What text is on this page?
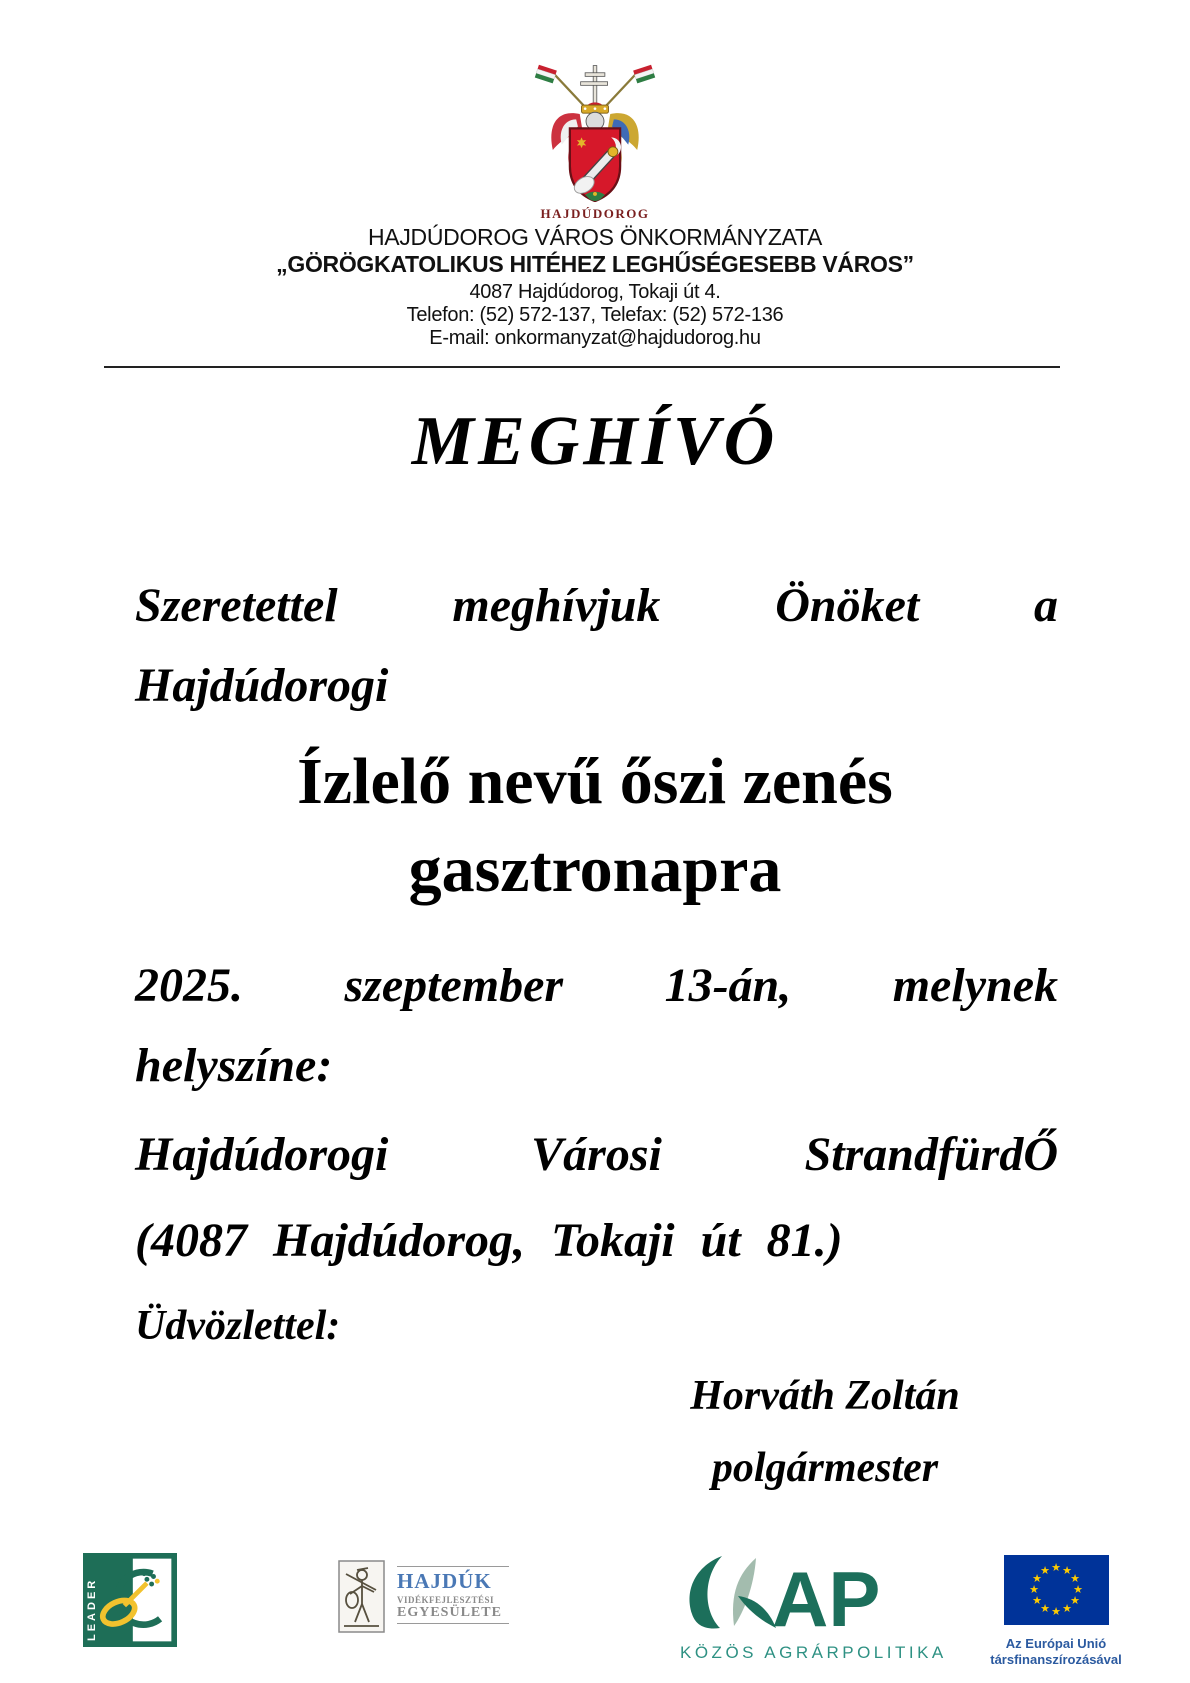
HAJDÚDOROG
HAJDÚDOROG VÁROS ÖNKORMÁNYZATA
„GÖRÖGKATOLIKUS HITÉHEZ LEGHŰSÉGESEBB VÁROS”
4087 Hajdúdorog, Tokaji út 4.
Telefon: (52) 572-137, Telefax: (52) 572-136
E-mail: onkormanyzat@hajdudorog.hu
MEGHÍVÓ
Szeretettel meghívjuk Önöket a
Hajdúdorogi
Ízlelő nevű őszi zenés
gasztronapra
2025. szeptember 13-án, melynek
helyszíne:
Hajdúdorogi Városi StrandfürdŐ
(4087 Hajdúdorog, Tokaji út 81.)
Üdvözlettel:
Horváth Zoltán
polgármester
LEADER	HAJDÚK
VIDÉKFEJLESZTÉSI
EGYESÜLETE	AP
KÖZÖS AGRÁRPOLITIKA
★ ★
★
★
★
★
★
★
★
★
★
★
Az Európai Unió
társfinanszírozásával
